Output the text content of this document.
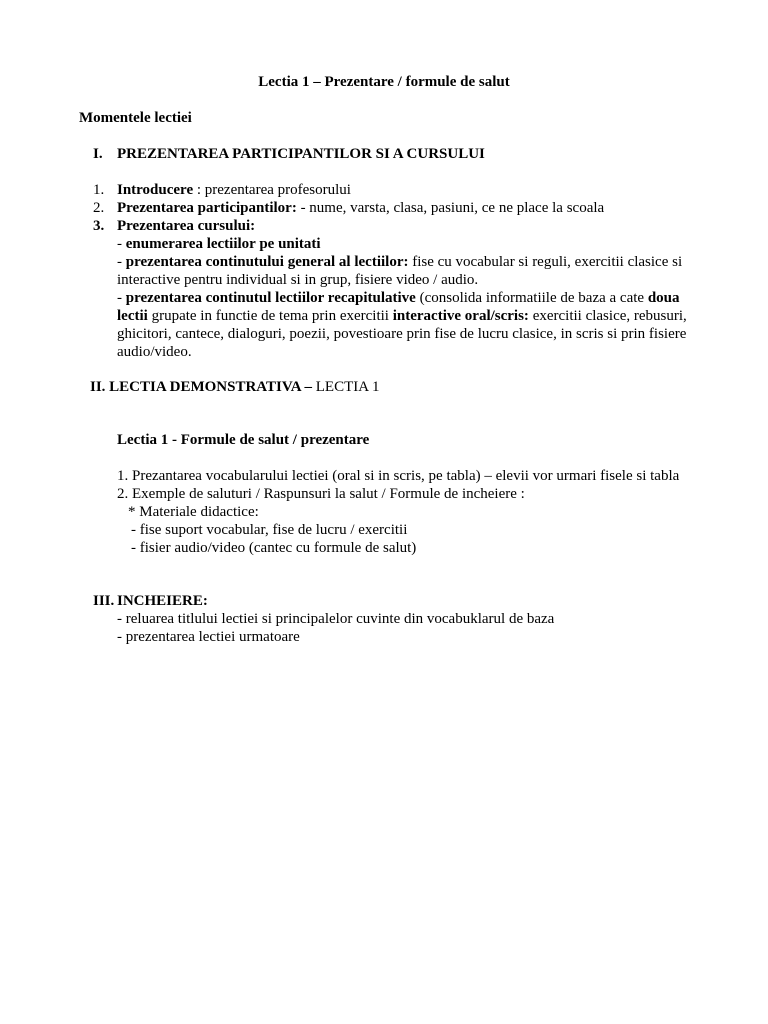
Lectia 1 – Prezentare / formule de salut
Momentele lectiei
I. PREZENTAREA PARTICIPANTILOR SI A CURSULUI
1. Introducere : prezentarea profesorului
2. Prezentarea participantilor: - nume, varsta, clasa, pasiuni, ce ne place la scoala
3. Prezentarea cursului:
- enumerarea lectiilor pe unitati
- prezentarea continutului general al lectiilor: fise cu vocabular si reguli, exercitii clasice si
interactive pentru individual si in grup, fisiere video / audio.
- prezentarea continutul lectiilor recapitulative (consolida informatiile de baza a cate doua
lectii grupate in functie de tema prin exercitii interactive oral/scris: exercitii clasice, rebusuri,
ghicitori, cantece, dialoguri, poezii, povestioare prin fise de lucru clasice, in scris si prin fisiere
audio/video.
II. LECTIA DEMONSTRATIVA – LECTIA 1
Lectia 1 - Formule de salut / prezentare
1. Prezantarea vocabularului lectiei (oral si in scris, pe tabla) – elevii vor urmari fisele si tabla
2. Exemple de saluturi / Raspunsuri la salut / Formule de incheiere :
* Materiale didactice:
- fise suport vocabular, fise de lucru / exercitii
- fisier audio/video (cantec cu formule de salut)
III. INCHEIERE:
- reluarea titlului lectiei si principalelor cuvinte din vocabuklarul de baza
- prezentarea lectiei urmatoare
